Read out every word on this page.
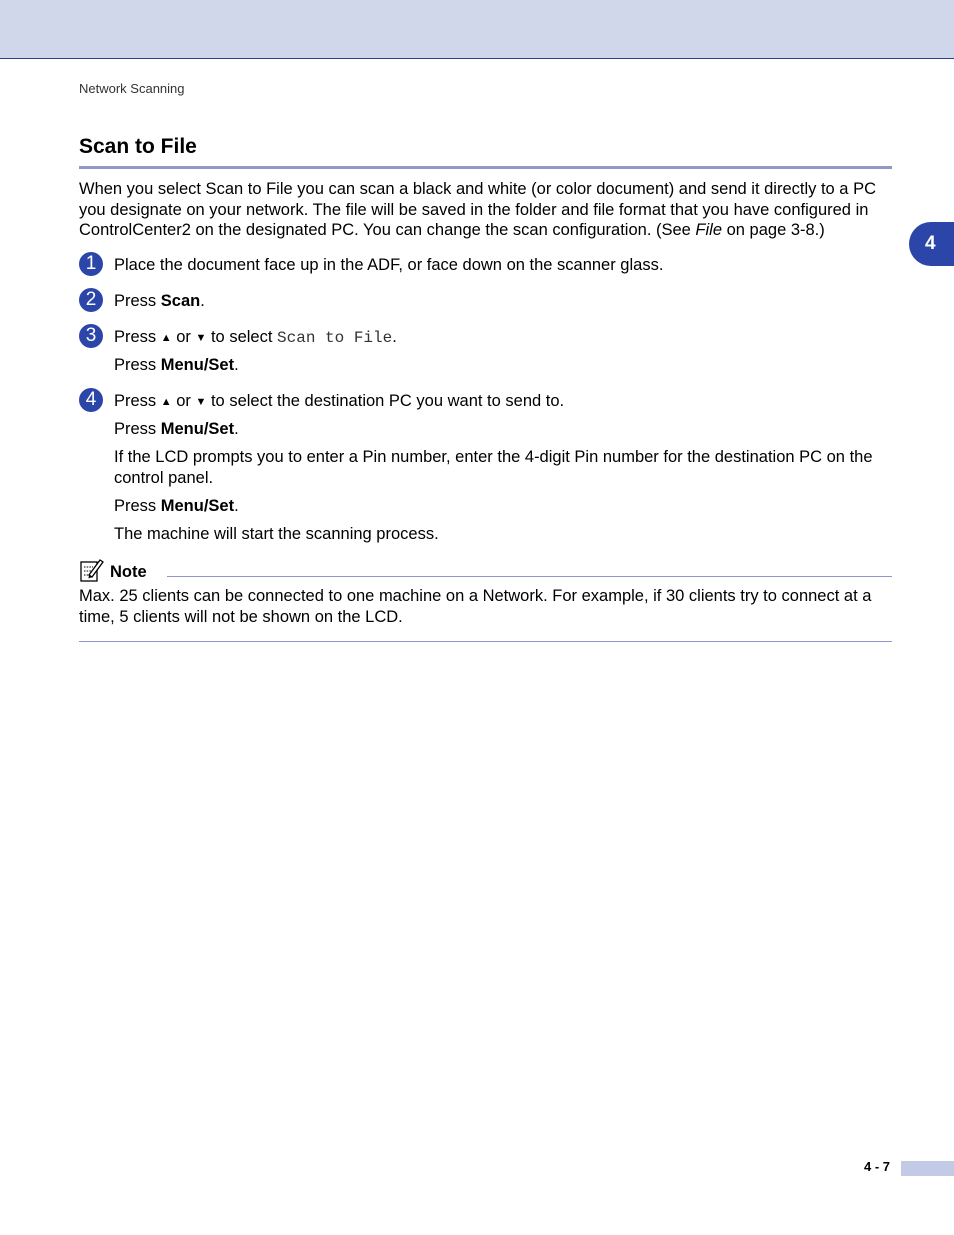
Network Scanning
4
Scan to File

When you select Scan to File you can scan a black and white (or color document) and send it directly to a PC you designate on your network. The file will be saved in the folder and file format that you have configured in ControlCenter2 on the designated PC. You can change the scan configuration. (See File on page 3-8.)

1	Place the document face up in the ADF, or face down on the scanner glass.
2	Press Scan.
3	Press ▲ or ▼ to select Scan to File.
Press Menu/Set.
4	Press ▲ or ▼ to select the destination PC you want to send to.
Press Menu/Set.
If the LCD prompts you to enter a Pin number, enter the 4-digit Pin number for the destination PC on the control panel.
Press Menu/Set.
The machine will start the scanning process.
Note

Max. 25 clients can be connected to one machine on a Network. For example, if 30 clients try to connect at a time, 5 clients will not be shown on the LCD.

4 - 7
